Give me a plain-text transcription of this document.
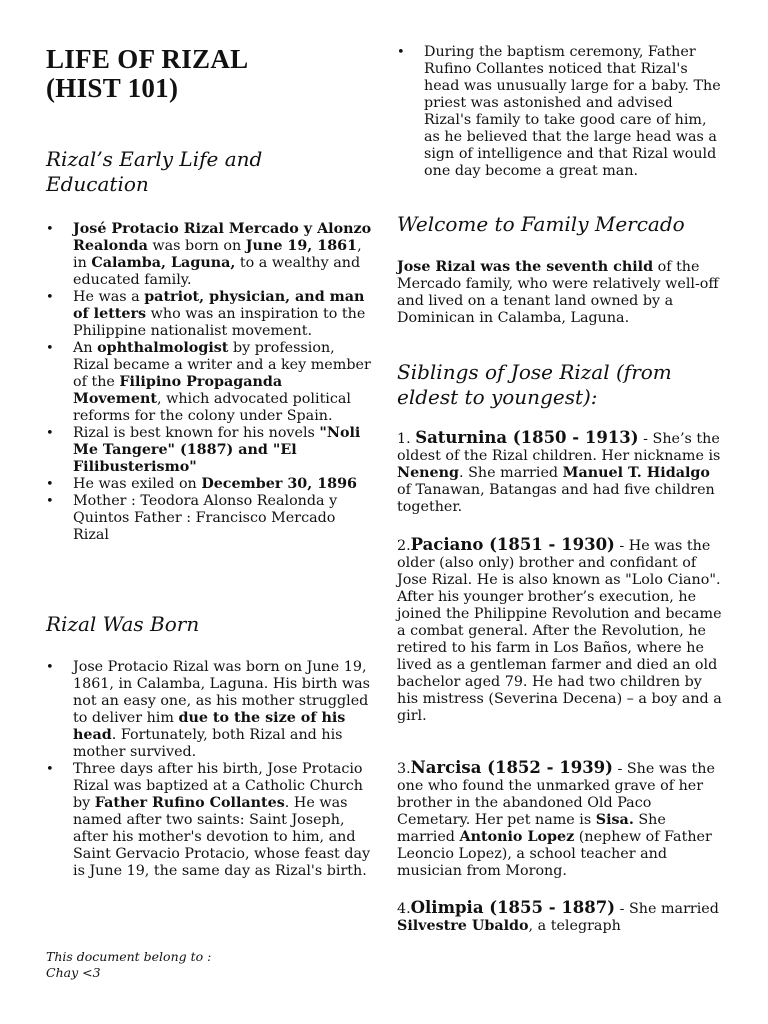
LIFE OF RIZAL
(HIST 101)
Rizal’s Early Life and Education
• José Protacio Rizal Mercado y Alonzo Realonda was born on June 19, 1861, in Calamba, Laguna, to a wealthy and educated family.
• He was a patriot, physician, and man of letters who was an inspiration to the Philippine nationalist movement.
• An ophthalmologist by profession, Rizal became a writer and a key member of the Filipino Propaganda Movement, which advocated political reforms for the colony under Spain.
• Rizal is best known for his novels "Noli Me Tangere" (1887) and "El Filibusterismo"
• He was exiled on December 30, 1896
• Mother : Teodora Alonso Realonda y Quintos Father : Francisco Mercado Rizal
Rizal Was Born
• Jose Protacio Rizal was born on June 19, 1861, in Calamba, Laguna. His birth was not an easy one, as his mother struggled to deliver him due to the size of his head. Fortunately, both Rizal and his mother survived.
• Three days after his birth, Jose Protacio Rizal was baptized at a Catholic Church by Father Rufino Collantes. He was named after two saints: Saint Joseph, after his mother's devotion to him, and Saint Gervacio Protacio, whose feast day is June 19, the same day as Rizal's birth.
• During the baptism ceremony, Father Rufino Collantes noticed that Rizal's head was unusually large for a baby. The priest was astonished and advised Rizal's family to take good care of him, as he believed that the large head was a sign of intelligence and that Rizal would one day become a great man.
Welcome to Family Mercado

Jose Rizal was the seventh child of the Mercado family, who were relatively well-off and lived on a tenant land owned by a Dominican in Calamba, Laguna.

Siblings of Jose Rizal (from eldest to youngest):

1. Saturnina (1850 - 1913) - She’s the oldest of the Rizal children. Her nickname is Neneng. She married Manuel T. Hidalgo of Tanawan, Batangas and had five children together.

2.Paciano (1851 - 1930) - He was the older (also only) brother and confidant of Jose Rizal. He is also known as "Lolo Ciano". After his younger brother’s execution, he joined the Philippine Revolution and became a combat general. After the Revolution, he retired to his farm in Los Baños, where he lived as a gentleman farmer and died an old bachelor aged 79. He had two children by his mistress (Severina Decena) – a boy and a girl.

3.Narcisa (1852 - 1939) - She was the one who found the unmarked grave of her brother in the abandoned Old Paco Cemetary. Her pet name is Sisa. She married Antonio Lopez (nephew of Father Leoncio Lopez), a school teacher and musician from Morong.

4.Olimpia (1855 - 1887) - She married Silvestre Ubaldo, a telegraph

This document belong to :
Chay <3
